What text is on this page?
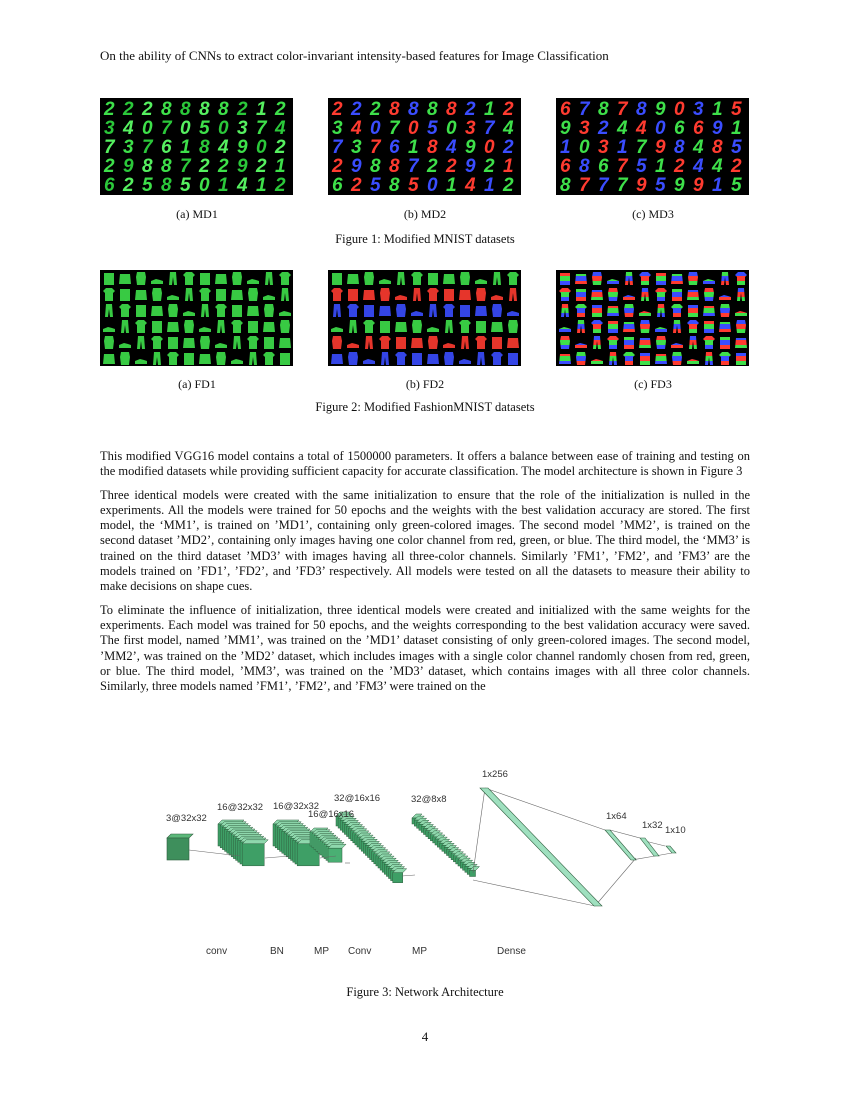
On the ability of CNNs to extract color-invariant intensity-based features for Image Classification
2 2 2 8 8 8 8 2 1 2
3 4 0 7 0 5 0 3 7 4
7 3 7 6 1 8 4 9 0 2
2 9 8 8 7 2 2 9 2 1
6 2 5 8 5 0 1 4 1 2
2 2 2 8 8 8 8 2 1 2
3 4 0 7 0 5 0 3 7 4
7 3 7 6 1 8 4 9 0 2
2 9 8 8 7 2 2 9 2 1
6 2 5 8 5 0 1 4 1 2
6 7 8 7 8 9 0 3 1 5
9 3 2 4 4 0 6 6 9 1
1 0 3 1 7 9 8 4 8 5
6 8 6 7 5 1 2 4 4 2
8 7 7 7 9 5 9 9 1 5
(a) MD1	(b) MD2	(c) MD3
Figure 1: Modified MNIST datasets
(a) FD1	(b) FD2	(c) FD3
Figure 2: Modified FashionMNIST datasets

This modified VGG16 model contains a total of 1500000 parameters. It offers a balance between ease of training and testing on the modified datasets while providing sufficient capacity for accurate classification. The model architecture is shown in Figure 3

Three identical models were created with the same initialization to ensure that the role of the initialization is nulled in the experiments. All the models were trained for 50 epochs and the weights with the best validation accuracy are stored. The first model, the ‘MM1’, is trained on ’MD1’, containing only green-colored images. The second model ’MM2’, is trained on the second dataset ’MD2’, containing only images having one color channel from red, green, or blue. The third model, the ‘MM3’ is trained on the third dataset ’MD3’ with images having all three-color channels. Similarly ’FM1’, ’FM2’, and ’FM3’ are the models trained on ’FD1’, ’FD2’, and ’FD3’ respectively. All models were tested on all the datasets to measure their ability to make decisions on shape cues.

To eliminate the influence of initialization, three identical models were created and initialized with the same weights for the experiments. Each model was trained for 50 epochs, and the weights corresponding to the best validation accuracy were saved. The first model, named ’MM1’, was trained on the ’MD1’ dataset consisting of only green-colored images. The second model, ’MM2’, was trained on the ’MD2’ dataset, which includes images with a single color channel randomly chosen from red, green, or blue. The third model, ’MM3’, was trained on the ’MD3’ dataset, which contains images with all three color channels. Similarly, three models named ’FM1’, ’FM2’, and ’FM3’ were trained on the

3@32x32
16@32x32 16@32x32
16@16x16
32@16x16	32@8x8
1x256
1x64
1x32 1x10
conv	BN	MP Conv	MP	Dense
Figure 3: Network Architecture
4
